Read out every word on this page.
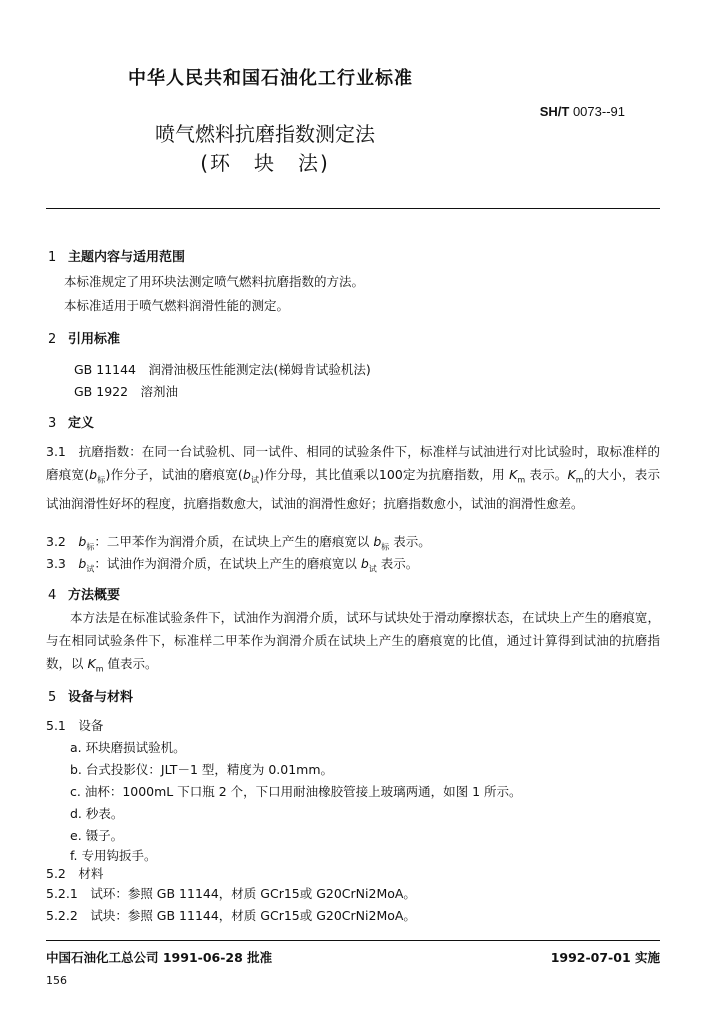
中华人民共和国石油化工行业标准
SH/T 0073--91
喷气燃料抗磨指数测定法
(环　块　法)
1 主题内容与适用范围
本标准规定了用环块法测定喷气燃料抗磨指数的方法。
本标准适用于喷气燃料润滑性能的测定。
2 引用标准
GB 11144　润滑油极压性能测定法(梯姆肯试验机法)
GB 1922　溶剂油
3 定义
3.1　 抗磨指数：在同一台试验机、同一试件、相同的试验条件下，标准样与试油进行对比试验时，取标准样的磨痕宽$(b_标)$作分子，试油的磨痕宽$(b_试)$作分母，其比值乘以100定为抗磨指数，用 $K_m$ 表示。$K_m$的大小，表示试油润滑性好坏的程度，抗磨指数愈大，试油的润滑性愈好；抗磨指数愈小，试油的润滑性愈差。
3.2　 $b_标$：二甲苯作为润滑介质，在试块上产生的磨痕宽以 $b_标$ 表示。
3.3　 $b_试$：试油作为润滑介质，在试块上产生的磨痕宽以 $b_试$ 表示。
4 方法概要
本方法是在标准试验条件下，试油作为润滑介质，试环与试块处于滑动摩擦状态，在试块上产生的磨痕宽，与在相同试验条件下，标准样二甲苯作为润滑介质在试块上产生的磨痕宽的比值，通过计算得到试油的抗磨指数，以 $K_m$ 值表示。
5 设备与材料
5.1　 设备
a. 环块磨损试验机。
b. 台式投影仪：JLT－1 型，精度为 0.01mm。
c. 油杯：1000mL 下口瓶 2 个，下口用耐油橡胶管接上玻璃两通，如图 1 所示。
d. 秒表。
e. 镊子。
f. 专用钩扳手。
5.2　 材料
5.2.1　 试环：参照 GB 11144，材质 GCr15或 G20CrNi2MoA。
5.2.2　 试块：参照 GB 11144，材质 GCr15或 G20CrNi2MoA。
中国石油化工总公司 1991-06-28 批准	1992-07-01 实施
156
